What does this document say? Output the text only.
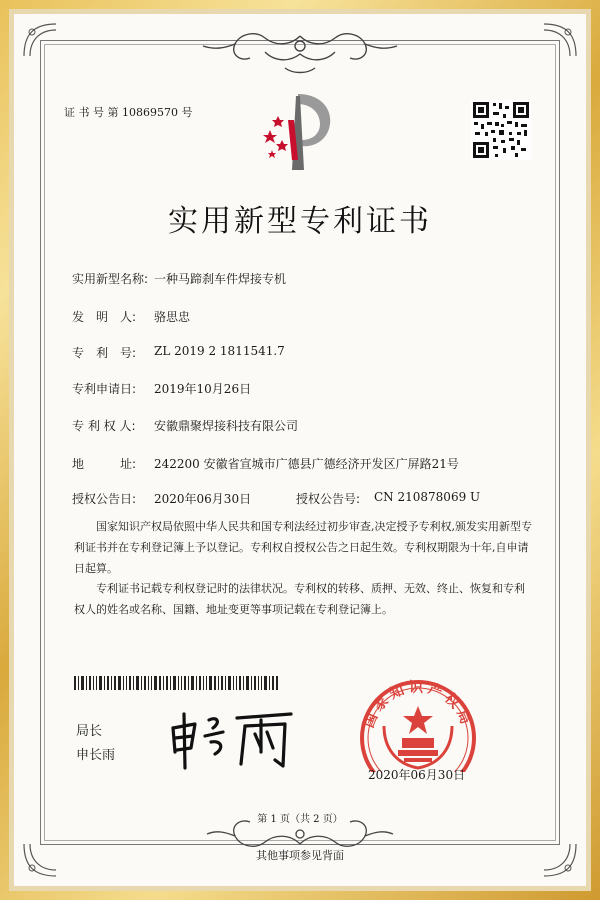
证 书 号 第 10869570 号
实用新型专利证书
实用新型名称: 一种马蹄刹车件焊接专机
发　明　人: 骆思忠
专　利　号: ZL 2019 2 1811541.7
专利申请日: 2019年10月26日
专 利 权 人: 安徽鼎聚焊接科技有限公司
地　　　址: 242200 安徽省宣城市广德县广德经济开发区广屏路21号
授权公告日: 2020年06月30日	授权公告号: CN 210878069 U
国家知识产权局依照中华人民共和国专利法经过初步审查,决定授予专利权,颁发实用新型专利证书并在专利登记簿上予以登记。专利权自授权公告之日起生效。专利权期限为十年,自申请日起算。
专利证书记载专利权登记时的法律状况。专利权的转移、质押、无效、终止、恢复和专利权人的姓名或名称、国籍、地址变更等事项记载在专利登记簿上。
局长
申长雨
国家知识产权局
2020年06月30日
第 1 页（共 2 页）
其他事项参见背面
